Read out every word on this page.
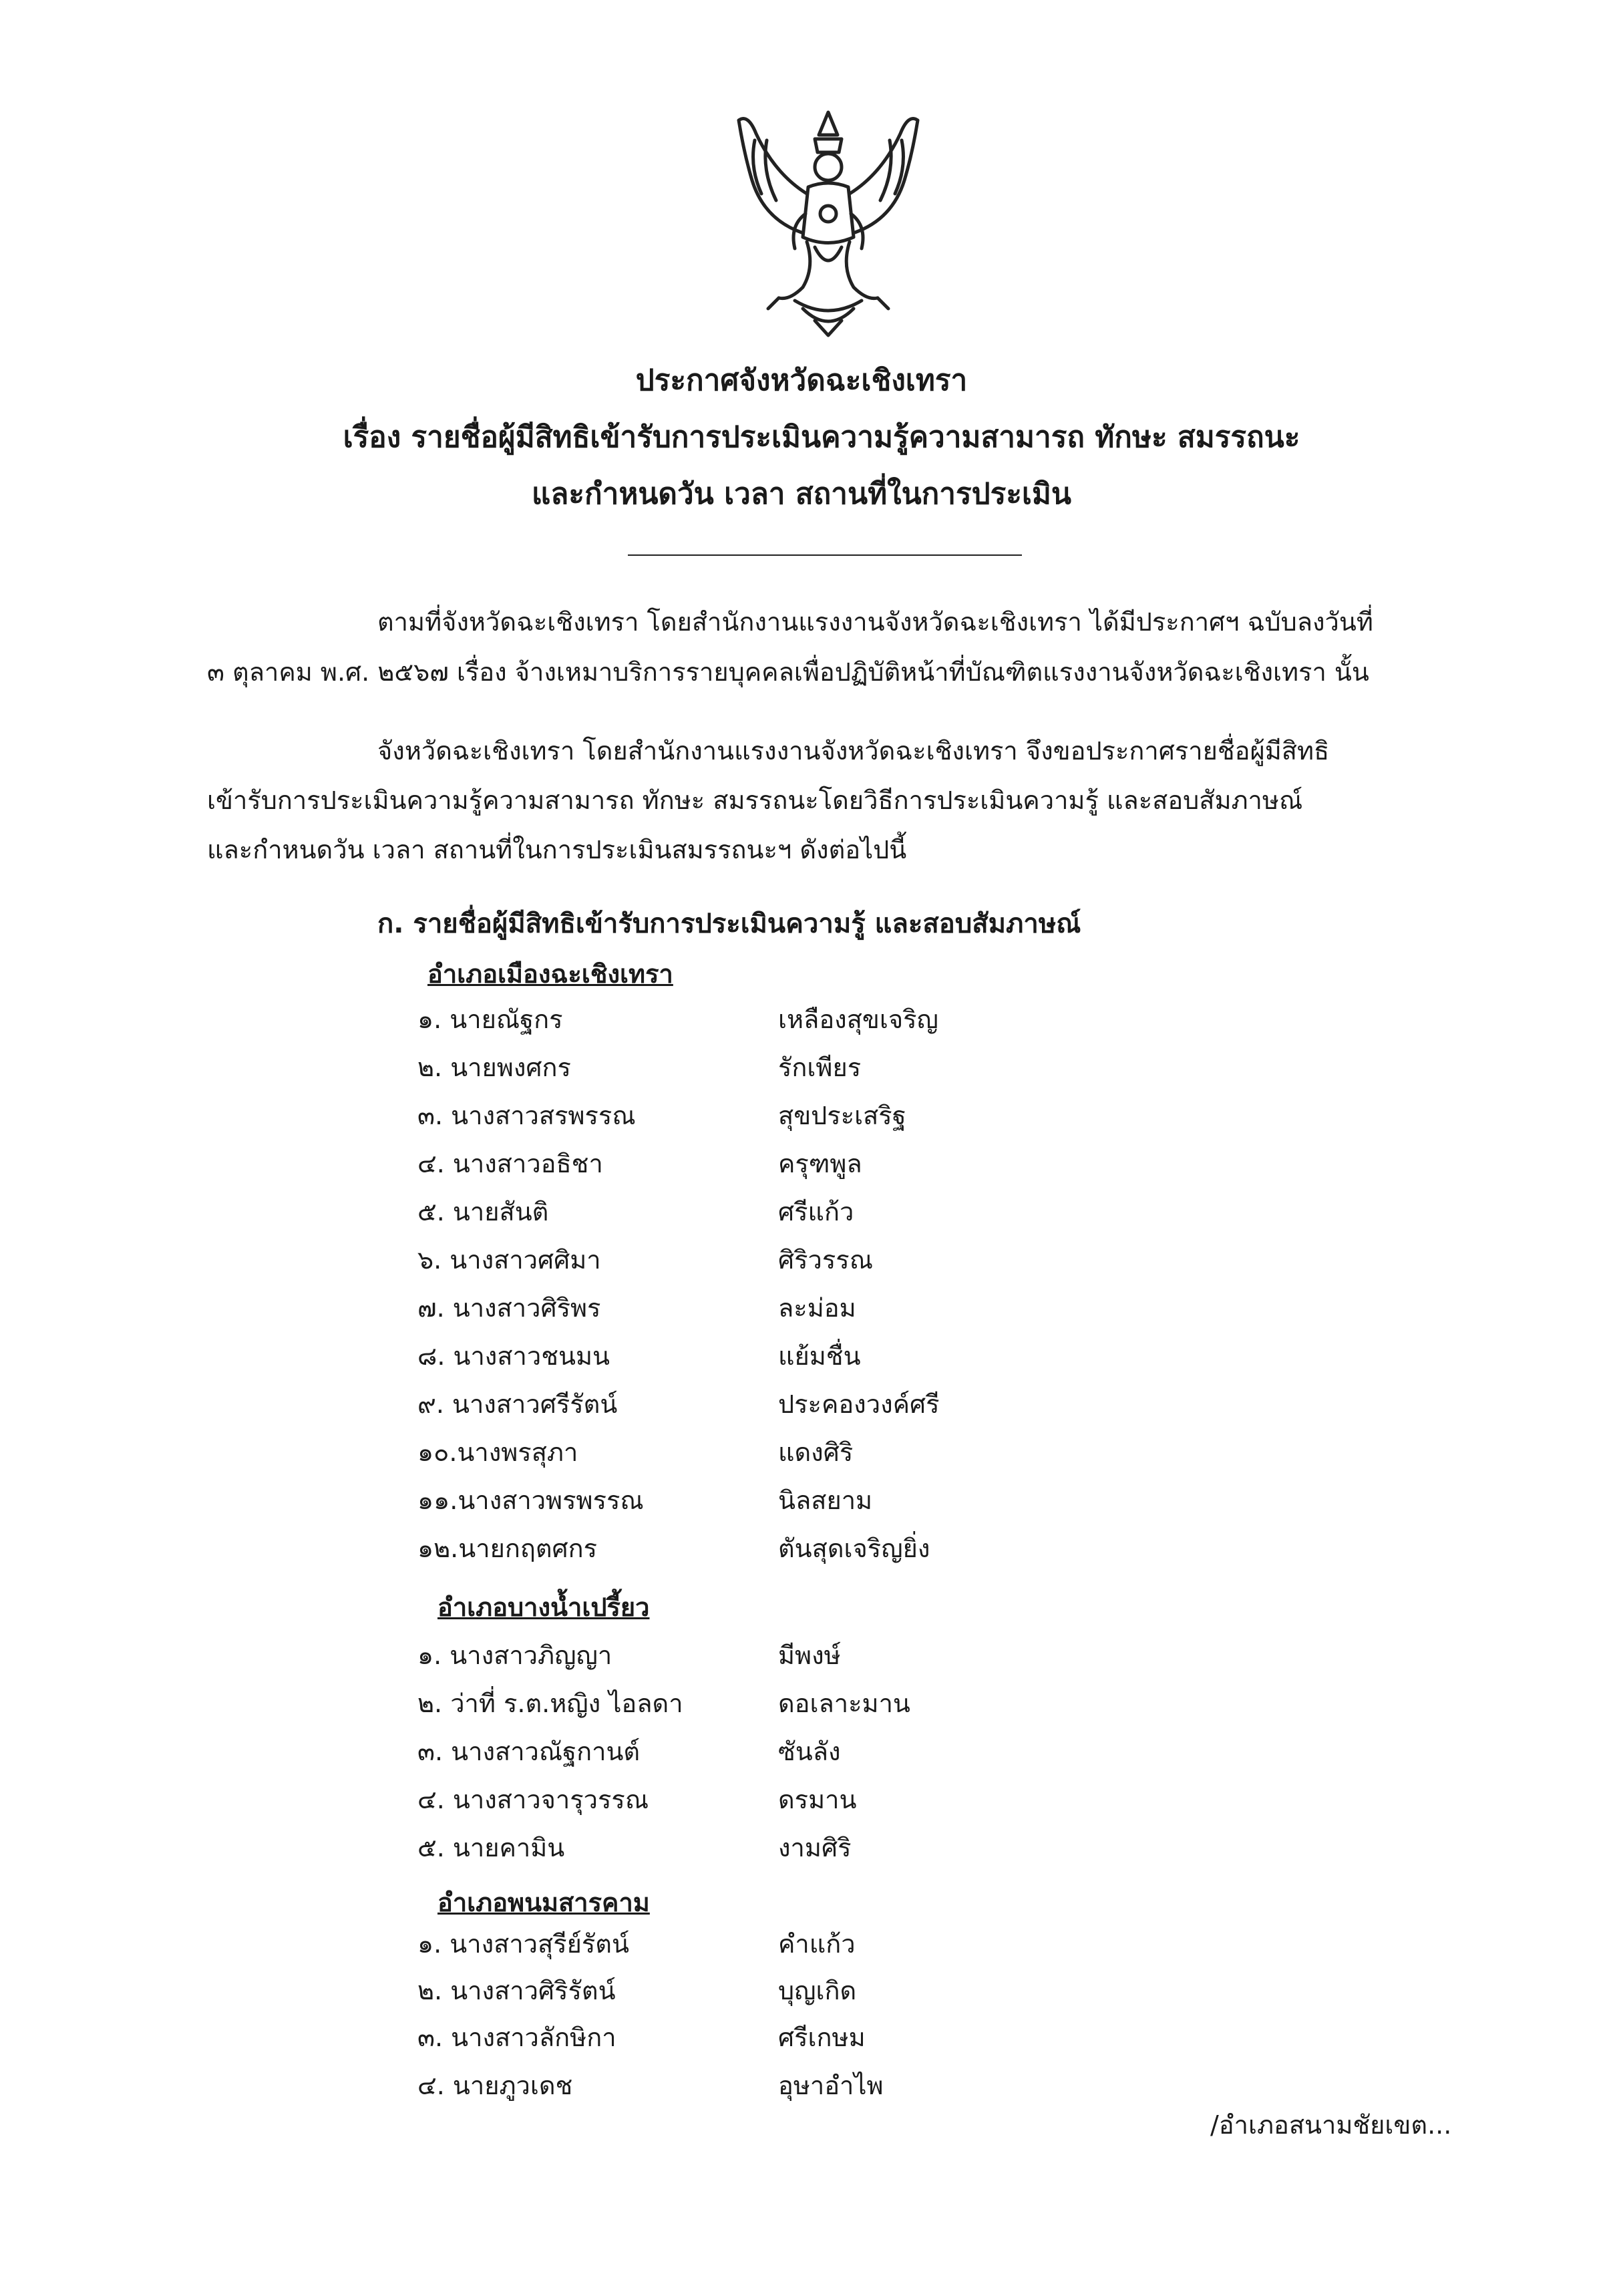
ประกาศจังหวัดฉะเชิงเทรา
เรื่อง รายชื่อผู้มีสิทธิเข้ารับการประเมินความรู้ความสามารถ ทักษะ สมรรถนะ
และกำหนดวัน เวลา สถานที่ในการประเมิน
ตามที่จังหวัดฉะเชิงเทรา โดยสำนักงานแรงงานจังหวัดฉะเชิงเทรา ได้มีประกาศฯ ฉบับลงวันที่
๓ ตุลาคม พ.ศ. ๒๕๖๗ เรื่อง จ้างเหมาบริการรายบุคคลเพื่อปฏิบัติหน้าที่บัณฑิตแรงงานจังหวัดฉะเชิงเทรา นั้น
จังหวัดฉะเชิงเทรา โดยสำนักงานแรงงานจังหวัดฉะเชิงเทรา จึงขอประกาศรายชื่อผู้มีสิทธิ
เข้ารับการประเมินความรู้ความสามารถ ทักษะ สมรรถนะโดยวิธีการประเมินความรู้ และสอบสัมภาษณ์
และกำหนดวัน เวลา สถานที่ในการประเมินสมรรถนะฯ ดังต่อไปนี้
ก. รายชื่อผู้มีสิทธิเข้ารับการประเมินความรู้ และสอบสัมภาษณ์
อำเภอเมืองฉะเชิงเทรา
๑. นายณัฐกร	เหลืองสุขเจริญ
๒. นายพงศกร	รักเพียร
๓. นางสาวสรพรรณ	สุขประเสริฐ
๔. นางสาวอธิชา	ครุฑพูล
๕. นายสันติ	ศรีแก้ว
๖. นางสาวศศิมา	ศิริวรรณ
๗. นางสาวศิริพร	ละม่อม
๘. นางสาวชนมน	แย้มชื่น
๙. นางสาวศรีรัตน์	ประคองวงค์ศรี
๑๐.นางพรสุภา	แดงศิริ
๑๑.นางสาวพรพรรณ	นิลสยาม
๑๒.นายกฤตศกร	ตันสุดเจริญยิ่ง
อำเภอบางน้ำเปรี้ยว
๑. นางสาวภิญญา	มีพงษ์
๒. ว่าที่ ร.ต.หญิง ไอลดา	ดอเลาะมาน
๓. นางสาวณัฐกานต์	ซันลัง
๔. นางสาวจารุวรรณ	ดรมาน
๕. นายคามิน	งามศิริ
อำเภอพนมสารคาม
๑. นางสาวสุรีย์รัตน์	คำแก้ว
๒. นางสาวศิริรัตน์	บุญเกิด
๓. นางสาวลักษิกา	ศรีเกษม
๔. นายภูวเดช	อุษาอำไพ
/อำเภอสนามชัยเขต...
